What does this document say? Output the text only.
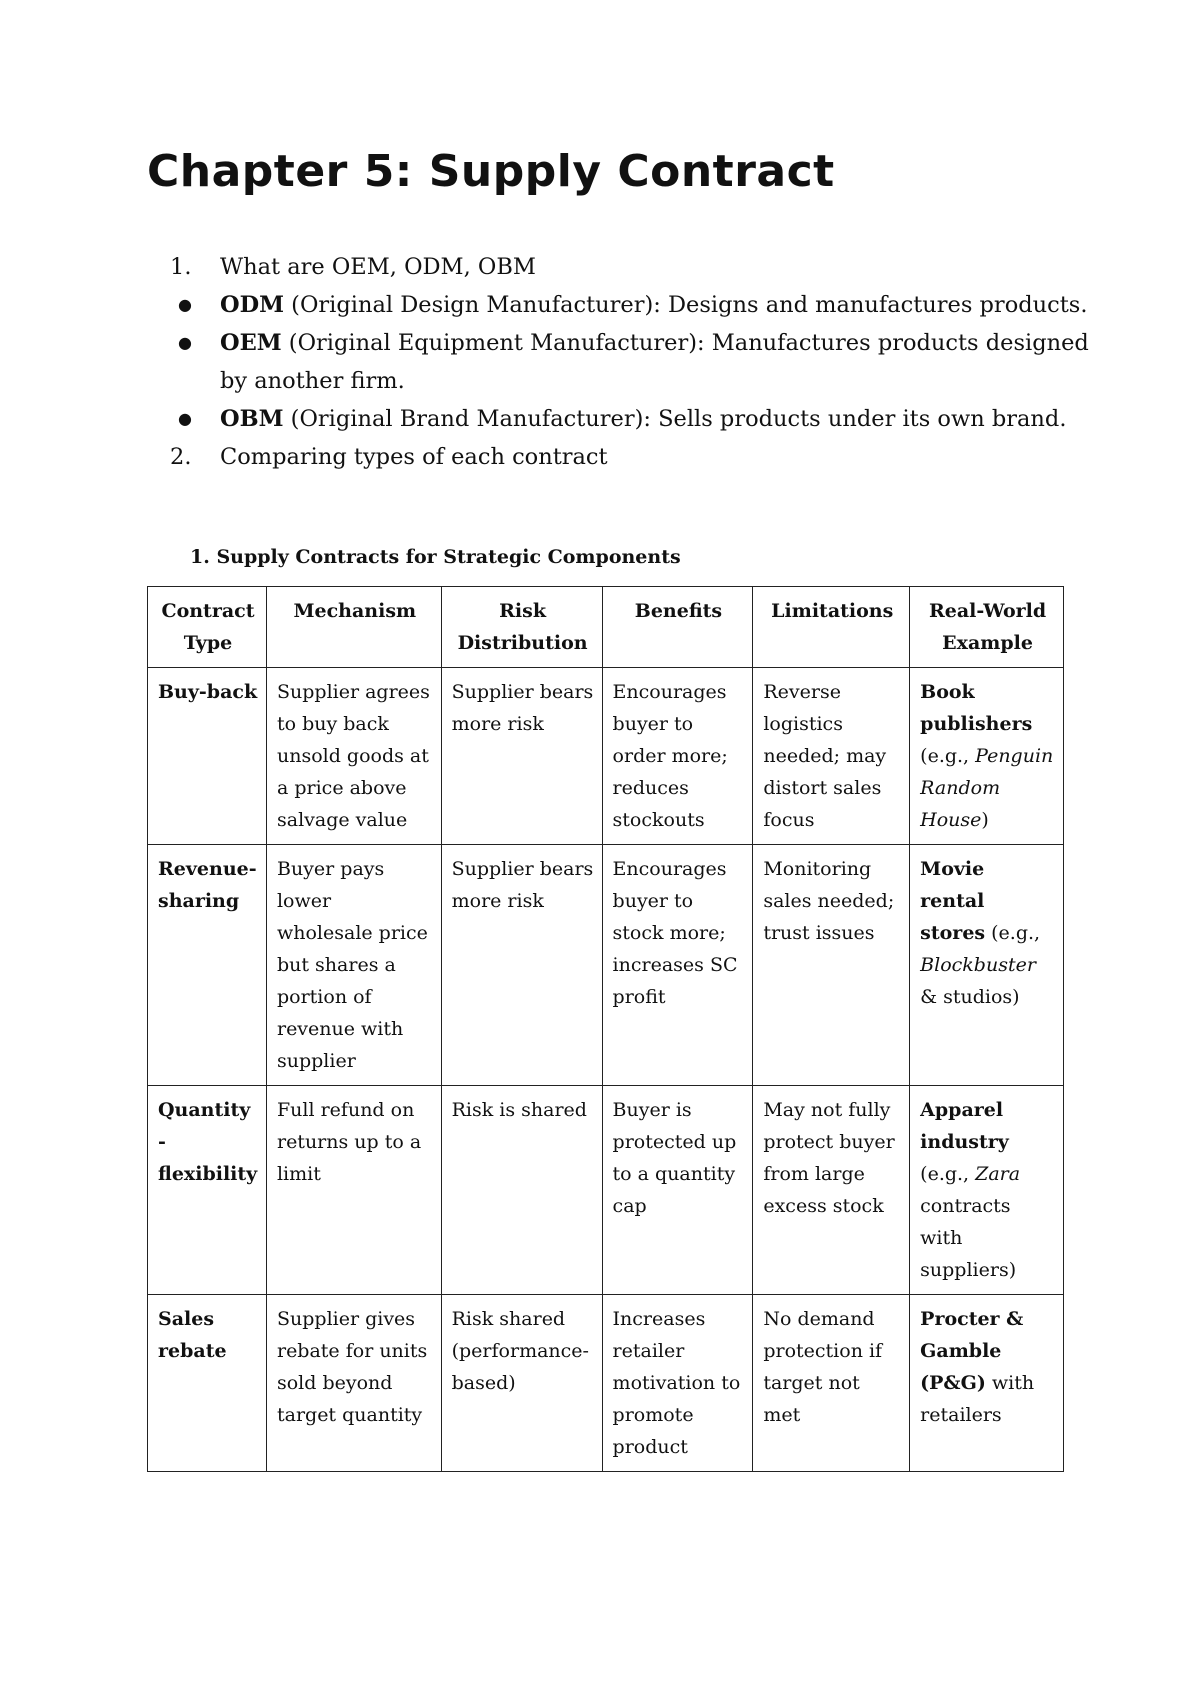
Chapter 5: Supply Contract
1.	What are OEM, ODM, OBM
●	ODM (Original Design Manufacturer): Designs and manufactures products.
●	OEM (Original Equipment Manufacturer): Manufactures products designed by another firm.
●	OBM (Original Brand Manufacturer): Sells products under its own brand.
2.	Comparing types of each contract
1. Supply Contracts for Strategic Components
Contract Type	Mechanism	Risk Distribution	Benefits	Limitations	Real-World Example
Buy-back	Supplier agrees to buy back unsold goods at a price above salvage value	Supplier bears more risk	Encourages buyer to order more; reduces stockouts	Reverse logistics needed; may distort sales focus	Book publishers (e.g., Penguin Random House)
Revenue-sharing	Buyer pays lower wholesale price but shares a portion of revenue with supplier	Supplier bears more risk	Encourages buyer to stock more; increases SC profit	Monitoring sales needed; trust issues	Movie rental stores (e.g., Blockbuster & studios)
Quantity - flexibility	Full refund on returns up to a limit	Risk is shared	Buyer is protected up to a quantity cap	May not fully protect buyer from large excess stock	Apparel industry (e.g., Zara contracts with suppliers)
Sales rebate	Supplier gives rebate for units sold beyond target quantity	Risk shared (performance-based)	Increases retailer motivation to promote product	No demand protection if target not met	Procter & Gamble (P&G) with retailers
